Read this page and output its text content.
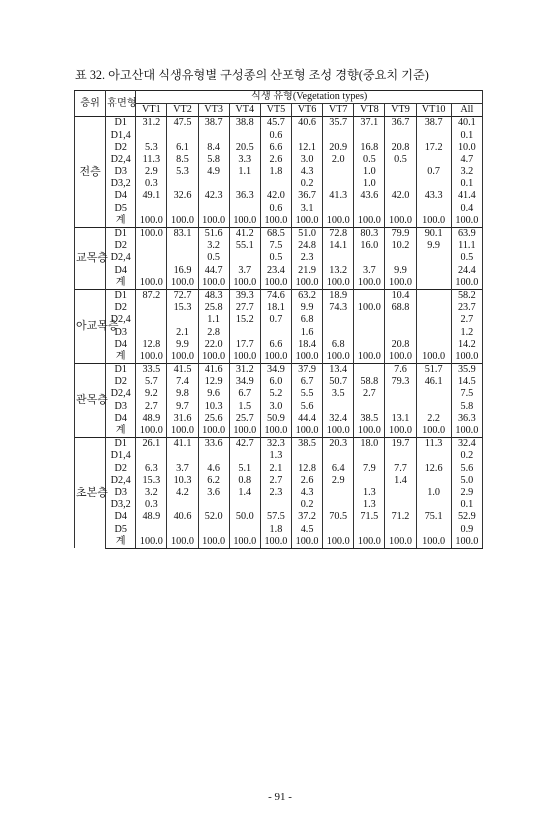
표 32. 아고산대 식생유형별 구성종의 산포형 조성 경향(중요치 기준)
층위	휴면형	식생 유형(Vegetation types)										
		VT1	VT2	VT3	VT4	VT5	VT6	VT7	VT8	VT9	VT10	All
전층	D1	31.2	47.5	38.7	38.8	45.7	40.6	35.7	37.1	36.7	38.7	40.1
	D1,4					0.6						0.1
	D2	5.3	6.1	8.4	20.5	6.6	12.1	20.9	16.8	20.8	17.2	10.0
	D2,4	11.3	8.5	5.8	3.3	2.6	3.0	2.0	0.5	0.5		4.7
	D3	2.9	5.3	4.9	1.1	1.8	4.3		1.0		0.7	3.2
	D3,2	0.3					0.2		1.0			0.1
	D4	49.1	32.6	42.3	36.3	42.0	36.7	41.3	43.6	42.0	43.3	41.4
	D5					0.6	3.1					0.4
	계	100.0	100.0	100.0	100.0	100.0	100.0	100.0	100.0	100.0	100.0	100.0
교목층	D1	100.0	83.1	51.6	41.2	68.5	51.0	72.8	80.3	79.9	90.1	63.9
	D2			3.2	55.1	7.5	24.8	14.1	16.0	10.2	9.9	11.1
	D2,4			0.5		0.5	2.3					0.5
	D4		16.9	44.7	3.7	23.4	21.9	13.2	3.7	9.9		24.4
	계	100.0	100.0	100.0	100.0	100.0	100.0	100.0	100.0	100.0		100.0
아교목층	D1	87.2	72.7	48.3	39.3	74.6	63.2	18.9		10.4		58.2
	D2		15.3	25.8	27.7	18.1	9.9	74.3	100.0	68.8		23.7
	D2,4			1.1	15.2	0.7	6.8					2.7
	D3		2.1	2.8			1.6					1.2
	D4	12.8	9.9	22.0	17.7	6.6	18.4	6.8		20.8		14.2
	계	100.0	100.0	100.0	100.0	100.0	100.0	100.0	100.0	100.0	100.0	100.0
관목층	D1	33.5	41.5	41.6	31.2	34.9	37.9	13.4		7.6	51.7	35.9
	D2	5.7	7.4	12.9	34.9	6.0	6.7	50.7	58.8	79.3	46.1	14.5
	D2,4	9.2	9.8	9.6	6.7	5.2	5.5	3.5	2.7			7.5
	D3	2.7	9.7	10.3	1.5	3.0	5.6					5.8
	D4	48.9	31.6	25.6	25.7	50.9	44.4	32.4	38.5	13.1	2.2	36.3
	계	100.0	100.0	100.0	100.0	100.0	100.0	100.0	100.0	100.0	100.0	100.0
초본층	D1	26.1	41.1	33.6	42.7	32.3	38.5	20.3	18.0	19.7	11.3	32.4
	D1,4					1.3						0.2
	D2	6.3	3.7	4.6	5.1	2.1	12.8	6.4	7.9	7.7	12.6	5.6
	D2,4	15.3	10.3	6.2	0.8	2.7	2.6	2.9		1.4		5.0
	D3	3.2	4.2	3.6	1.4	2.3	4.3		1.3		1.0	2.9
	D3,2	0.3					0.2		1.3			0.1
	D4	48.9	40.6	52.0	50.0	57.5	37.2	70.5	71.5	71.2	75.1	52.9
	D5					1.8	4.5					0.9
	계	100.0	100.0	100.0	100.0	100.0	100.0	100.0	100.0	100.0	100.0	100.0
- 91 -
